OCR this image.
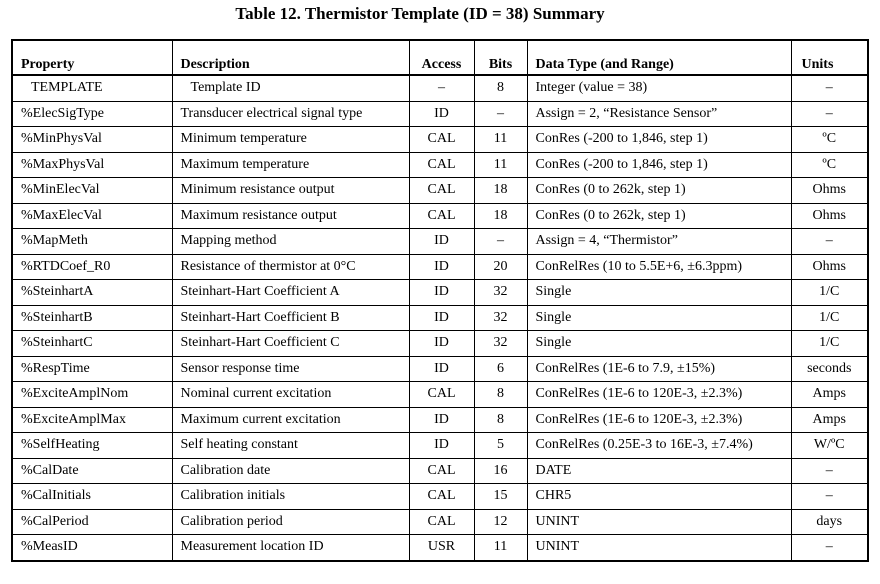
Table 12. Thermistor Template (ID = 38) Summary
Property	Description	Access	Bits	Data Type (and Range)	Units
TEMPLATE	Template ID	–	8	Integer (value = 38)	–
%ElecSigType	Transducer electrical signal type	ID	–	Assign = 2, “Resistance Sensor”	–
%MinPhysVal	Minimum temperature	CAL	11	ConRes (-200 to 1,846, step 1)	ºC
%MaxPhysVal	Maximum temperature	CAL	11	ConRes (-200 to 1,846, step 1)	ºC
%MinElecVal	Minimum resistance output	CAL	18	ConRes (0 to 262k, step 1)	Ohms
%MaxElecVal	Maximum resistance output	CAL	18	ConRes (0 to 262k, step 1)	Ohms
%MapMeth	Mapping method	ID	–	Assign = 4, “Thermistor”	–
%RTDCoef_R0	Resistance of thermistor at 0°C	ID	20	ConRelRes (10 to 5.5E+6, ±6.3ppm)	Ohms
%SteinhartA	Steinhart-Hart Coefficient A	ID	32	Single	1/C
%SteinhartB	Steinhart-Hart Coefficient B	ID	32	Single	1/C
%SteinhartC	Steinhart-Hart Coefficient C	ID	32	Single	1/C
%RespTime	Sensor response time	ID	6	ConRelRes (1E-6 to 7.9, ±15%)	seconds
%ExciteAmplNom	Nominal current excitation	CAL	8	ConRelRes (1E-6 to 120E-3, ±2.3%)	Amps
%ExciteAmplMax	Maximum current excitation	ID	8	ConRelRes (1E-6 to 120E-3, ±2.3%)	Amps
%SelfHeating	Self heating constant	ID	5	ConRelRes (0.25E-3 to 16E-3, ±7.4%)	W/ºC
%CalDate	Calibration date	CAL	16	DATE	–
%CalInitials	Calibration initials	CAL	15	CHR5	–
%CalPeriod	Calibration period	CAL	12	UNINT	days
%MeasID	Measurement location ID	USR	11	UNINT	–
